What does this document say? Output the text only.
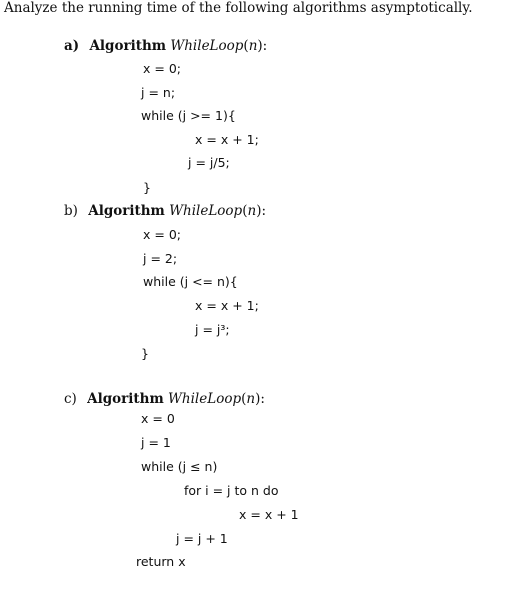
Analyze the running time of the following algorithms asymptotically.
a) Algorithm WhileLoop(n):
x = 0;
j = n;
while (j >= 1){
x = x + 1;
j = j/5;
}
b) Algorithm WhileLoop(n):
x = 0;
j = 2;
while (j <= n){
x = x + 1;
j = j³;
}
c) Algorithm WhileLoop(n):
x = 0
j = 1
while (j ≤ n)
for i = j to n do
x = x + 1
j = j + 1
return x
